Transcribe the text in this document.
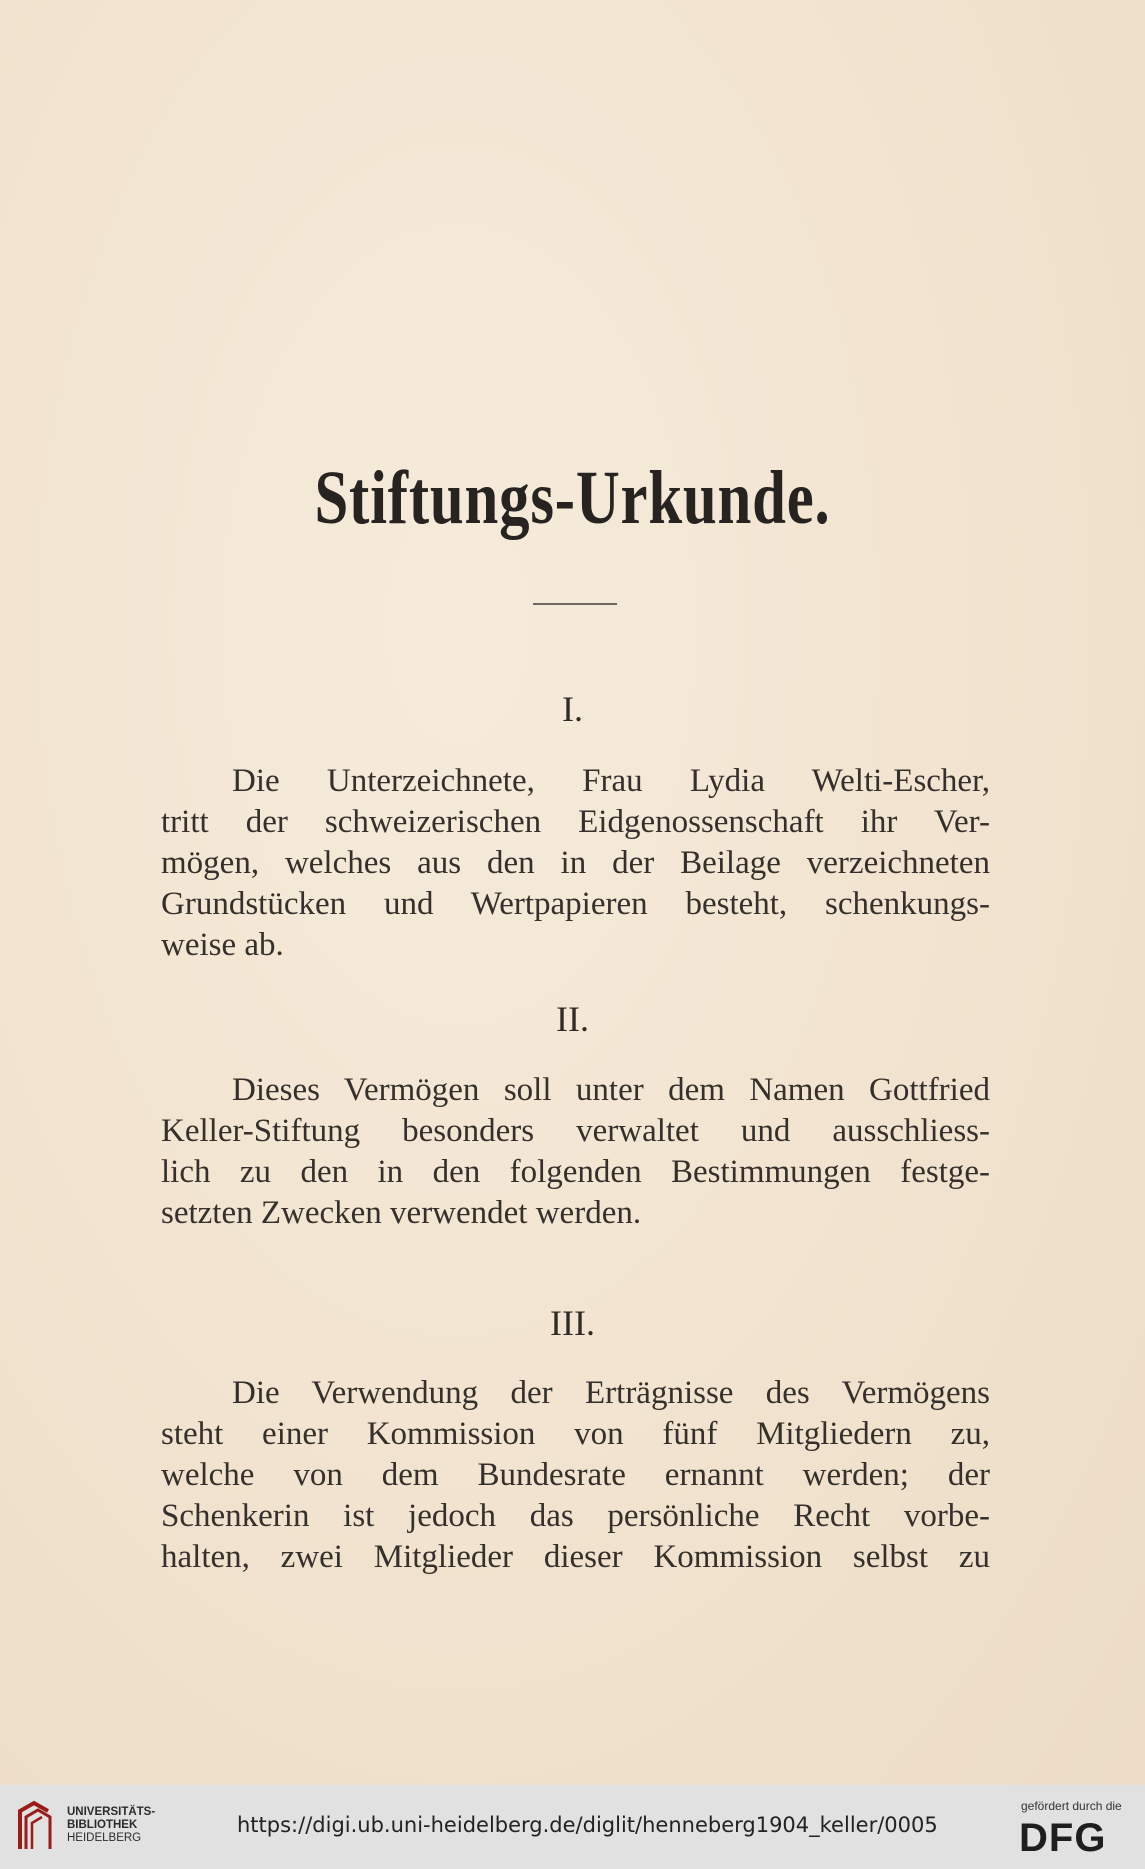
Stiftungs-Urkunde.
I.
Die Unterzeichnete, Frau Lydia Welti-Escher,
tritt der schweizerischen Eidgenossenschaft ihr Ver-
mögen, welches aus den in der Beilage verzeichneten
Grundstücken und Wertpapieren besteht, schenkungs-
weise ab.
II.
Dieses Vermögen soll unter dem Namen Gottfried
Keller-Stiftung besonders verwaltet und ausschliess-
lich zu den in den folgenden Bestimmungen festge-
setzten Zwecken verwendet werden.
III.
Die Verwendung der Erträgnisse des Vermögens
steht einer Kommission von fünf Mitgliedern zu,
welche von dem Bundesrate ernannt werden; der
Schenkerin ist jedoch das persönliche Recht vorbe-
halten, zwei Mitglieder dieser Kommission selbst zu
UNIVERSITÄTS-
BIBLIOTHEK
HEIDELBERG
https://digi.ub.uni-heidelberg.de/diglit/henneberg1904_keller/0005
gefördert durch die
DFG
